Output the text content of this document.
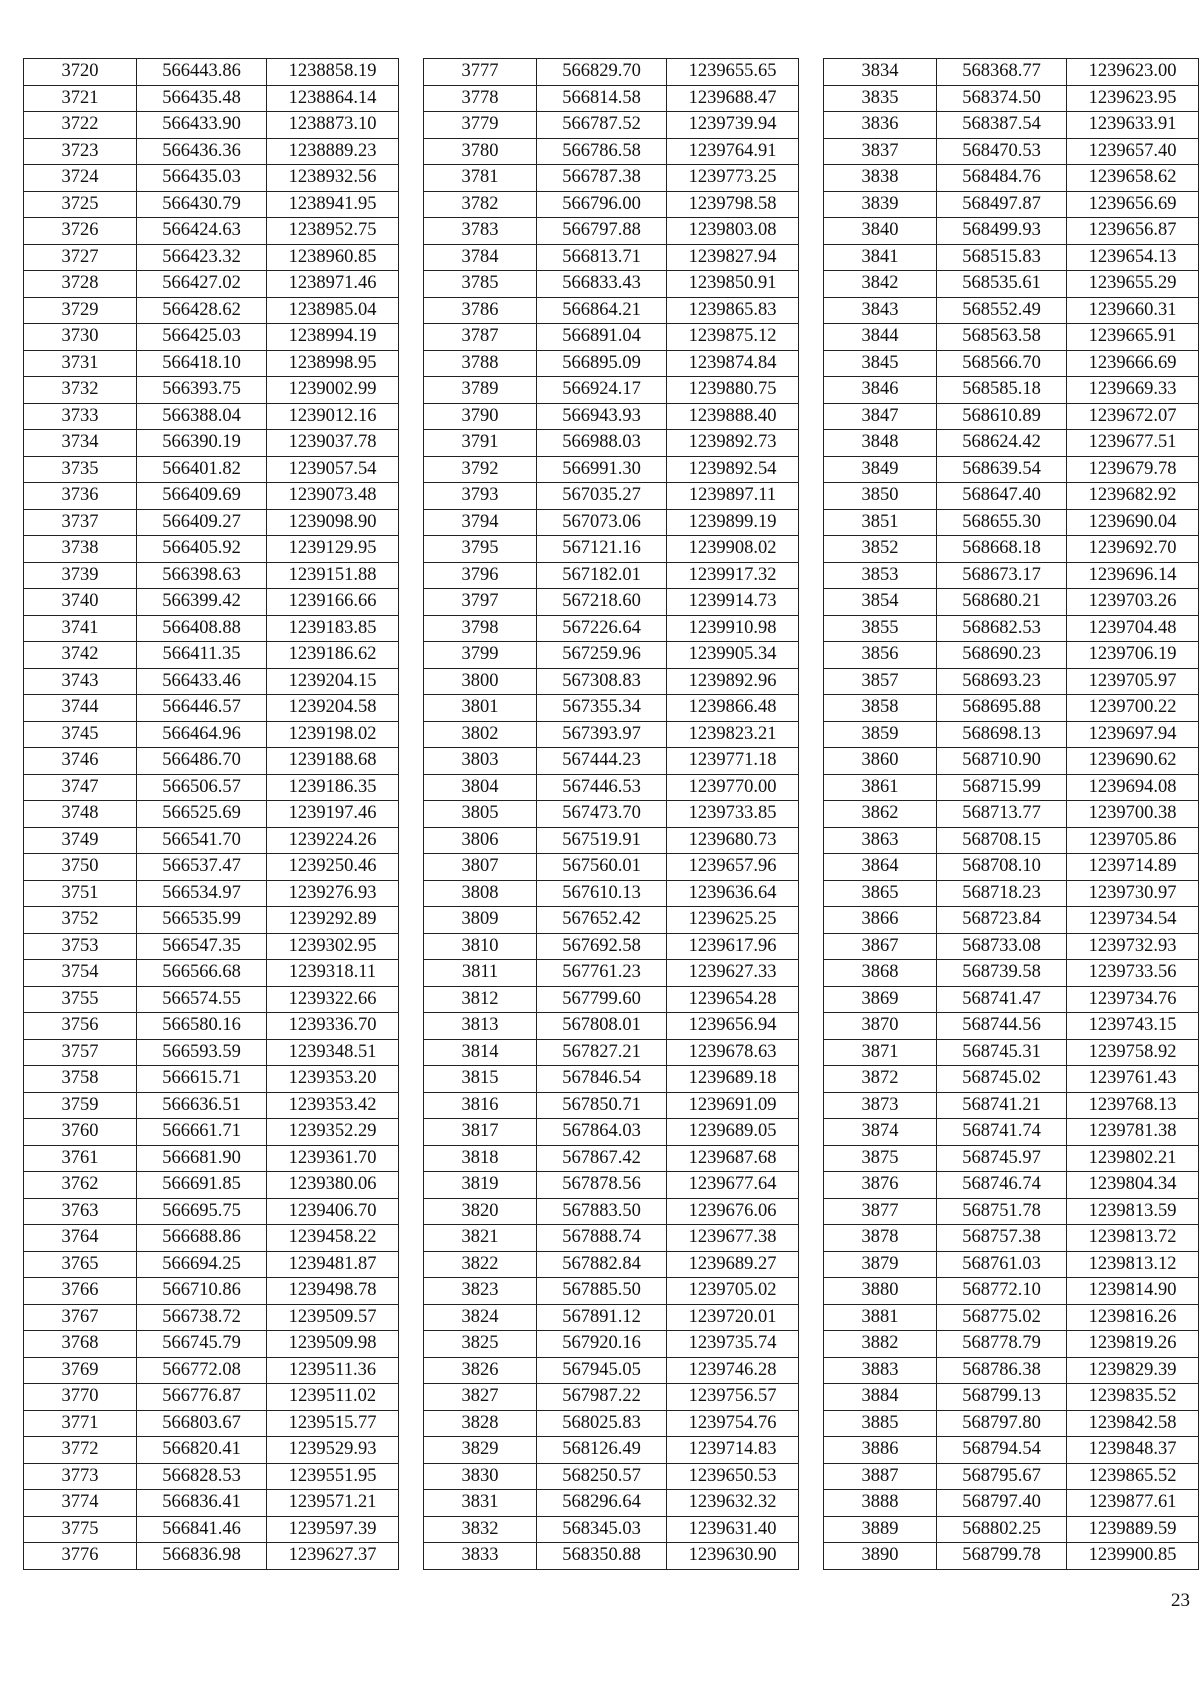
3720	566443.86	1238858.19
3721	566435.48	1238864.14
3722	566433.90	1238873.10
3723	566436.36	1238889.23
3724	566435.03	1238932.56
3725	566430.79	1238941.95
3726	566424.63	1238952.75
3727	566423.32	1238960.85
3728	566427.02	1238971.46
3729	566428.62	1238985.04
3730	566425.03	1238994.19
3731	566418.10	1238998.95
3732	566393.75	1239002.99
3733	566388.04	1239012.16
3734	566390.19	1239037.78
3735	566401.82	1239057.54
3736	566409.69	1239073.48
3737	566409.27	1239098.90
3738	566405.92	1239129.95
3739	566398.63	1239151.88
3740	566399.42	1239166.66
3741	566408.88	1239183.85
3742	566411.35	1239186.62
3743	566433.46	1239204.15
3744	566446.57	1239204.58
3745	566464.96	1239198.02
3746	566486.70	1239188.68
3747	566506.57	1239186.35
3748	566525.69	1239197.46
3749	566541.70	1239224.26
3750	566537.47	1239250.46
3751	566534.97	1239276.93
3752	566535.99	1239292.89
3753	566547.35	1239302.95
3754	566566.68	1239318.11
3755	566574.55	1239322.66
3756	566580.16	1239336.70
3757	566593.59	1239348.51
3758	566615.71	1239353.20
3759	566636.51	1239353.42
3760	566661.71	1239352.29
3761	566681.90	1239361.70
3762	566691.85	1239380.06
3763	566695.75	1239406.70
3764	566688.86	1239458.22
3765	566694.25	1239481.87
3766	566710.86	1239498.78
3767	566738.72	1239509.57
3768	566745.79	1239509.98
3769	566772.08	1239511.36
3770	566776.87	1239511.02
3771	566803.67	1239515.77
3772	566820.41	1239529.93
3773	566828.53	1239551.95
3774	566836.41	1239571.21
3775	566841.46	1239597.39
3776	566836.98	1239627.37
3777	566829.70	1239655.65
3778	566814.58	1239688.47
3779	566787.52	1239739.94
3780	566786.58	1239764.91
3781	566787.38	1239773.25
3782	566796.00	1239798.58
3783	566797.88	1239803.08
3784	566813.71	1239827.94
3785	566833.43	1239850.91
3786	566864.21	1239865.83
3787	566891.04	1239875.12
3788	566895.09	1239874.84
3789	566924.17	1239880.75
3790	566943.93	1239888.40
3791	566988.03	1239892.73
3792	566991.30	1239892.54
3793	567035.27	1239897.11
3794	567073.06	1239899.19
3795	567121.16	1239908.02
3796	567182.01	1239917.32
3797	567218.60	1239914.73
3798	567226.64	1239910.98
3799	567259.96	1239905.34
3800	567308.83	1239892.96
3801	567355.34	1239866.48
3802	567393.97	1239823.21
3803	567444.23	1239771.18
3804	567446.53	1239770.00
3805	567473.70	1239733.85
3806	567519.91	1239680.73
3807	567560.01	1239657.96
3808	567610.13	1239636.64
3809	567652.42	1239625.25
3810	567692.58	1239617.96
3811	567761.23	1239627.33
3812	567799.60	1239654.28
3813	567808.01	1239656.94
3814	567827.21	1239678.63
3815	567846.54	1239689.18
3816	567850.71	1239691.09
3817	567864.03	1239689.05
3818	567867.42	1239687.68
3819	567878.56	1239677.64
3820	567883.50	1239676.06
3821	567888.74	1239677.38
3822	567882.84	1239689.27
3823	567885.50	1239705.02
3824	567891.12	1239720.01
3825	567920.16	1239735.74
3826	567945.05	1239746.28
3827	567987.22	1239756.57
3828	568025.83	1239754.76
3829	568126.49	1239714.83
3830	568250.57	1239650.53
3831	568296.64	1239632.32
3832	568345.03	1239631.40
3833	568350.88	1239630.90
3834	568368.77	1239623.00
3835	568374.50	1239623.95
3836	568387.54	1239633.91
3837	568470.53	1239657.40
3838	568484.76	1239658.62
3839	568497.87	1239656.69
3840	568499.93	1239656.87
3841	568515.83	1239654.13
3842	568535.61	1239655.29
3843	568552.49	1239660.31
3844	568563.58	1239665.91
3845	568566.70	1239666.69
3846	568585.18	1239669.33
3847	568610.89	1239672.07
3848	568624.42	1239677.51
3849	568639.54	1239679.78
3850	568647.40	1239682.92
3851	568655.30	1239690.04
3852	568668.18	1239692.70
3853	568673.17	1239696.14
3854	568680.21	1239703.26
3855	568682.53	1239704.48
3856	568690.23	1239706.19
3857	568693.23	1239705.97
3858	568695.88	1239700.22
3859	568698.13	1239697.94
3860	568710.90	1239690.62
3861	568715.99	1239694.08
3862	568713.77	1239700.38
3863	568708.15	1239705.86
3864	568708.10	1239714.89
3865	568718.23	1239730.97
3866	568723.84	1239734.54
3867	568733.08	1239732.93
3868	568739.58	1239733.56
3869	568741.47	1239734.76
3870	568744.56	1239743.15
3871	568745.31	1239758.92
3872	568745.02	1239761.43
3873	568741.21	1239768.13
3874	568741.74	1239781.38
3875	568745.97	1239802.21
3876	568746.74	1239804.34
3877	568751.78	1239813.59
3878	568757.38	1239813.72
3879	568761.03	1239813.12
3880	568772.10	1239814.90
3881	568775.02	1239816.26
3882	568778.79	1239819.26
3883	568786.38	1239829.39
3884	568799.13	1239835.52
3885	568797.80	1239842.58
3886	568794.54	1239848.37
3887	568795.67	1239865.52
3888	568797.40	1239877.61
3889	568802.25	1239889.59
3890	568799.78	1239900.85
23
